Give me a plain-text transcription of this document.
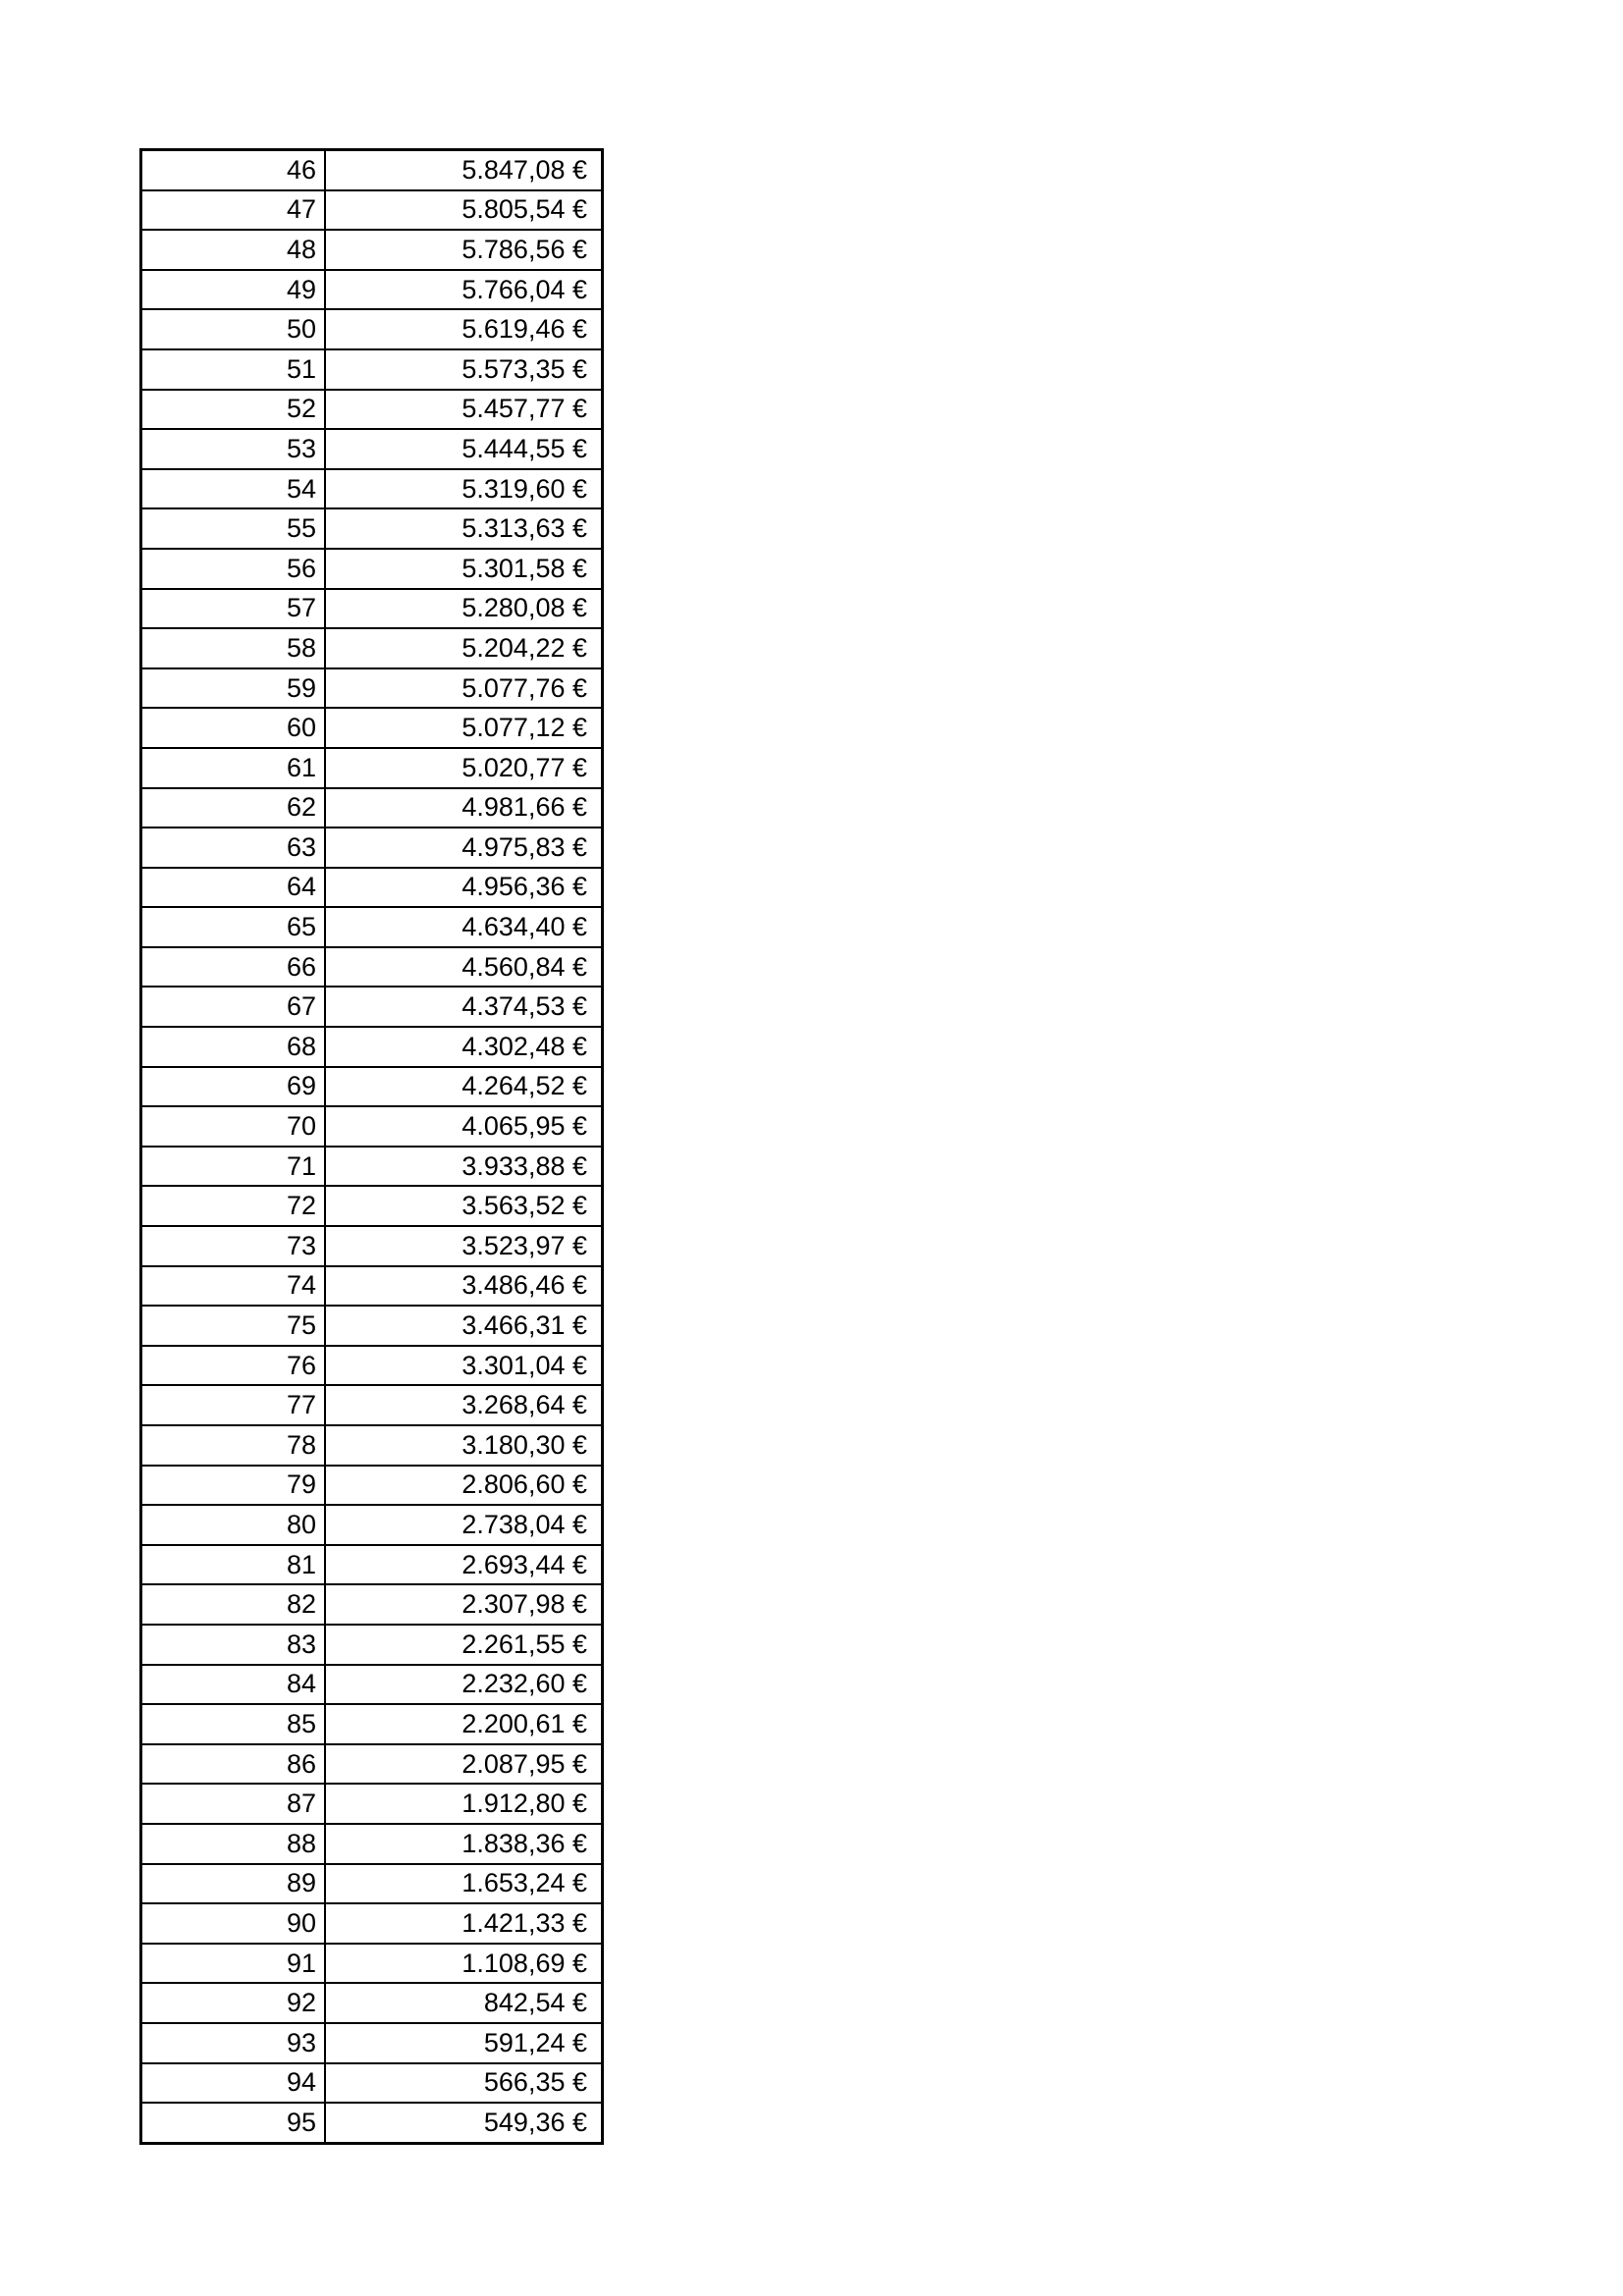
46	5.847,08 €
47	5.805,54 €
48	5.786,56 €
49	5.766,04 €
50	5.619,46 €
51	5.573,35 €
52	5.457,77 €
53	5.444,55 €
54	5.319,60 €
55	5.313,63 €
56	5.301,58 €
57	5.280,08 €
58	5.204,22 €
59	5.077,76 €
60	5.077,12 €
61	5.020,77 €
62	4.981,66 €
63	4.975,83 €
64	4.956,36 €
65	4.634,40 €
66	4.560,84 €
67	4.374,53 €
68	4.302,48 €
69	4.264,52 €
70	4.065,95 €
71	3.933,88 €
72	3.563,52 €
73	3.523,97 €
74	3.486,46 €
75	3.466,31 €
76	3.301,04 €
77	3.268,64 €
78	3.180,30 €
79	2.806,60 €
80	2.738,04 €
81	2.693,44 €
82	2.307,98 €
83	2.261,55 €
84	2.232,60 €
85	2.200,61 €
86	2.087,95 €
87	1.912,80 €
88	1.838,36 €
89	1.653,24 €
90	1.421,33 €
91	1.108,69 €
92	842,54 €
93	591,24 €
94	566,35 €
95	549,36 €
